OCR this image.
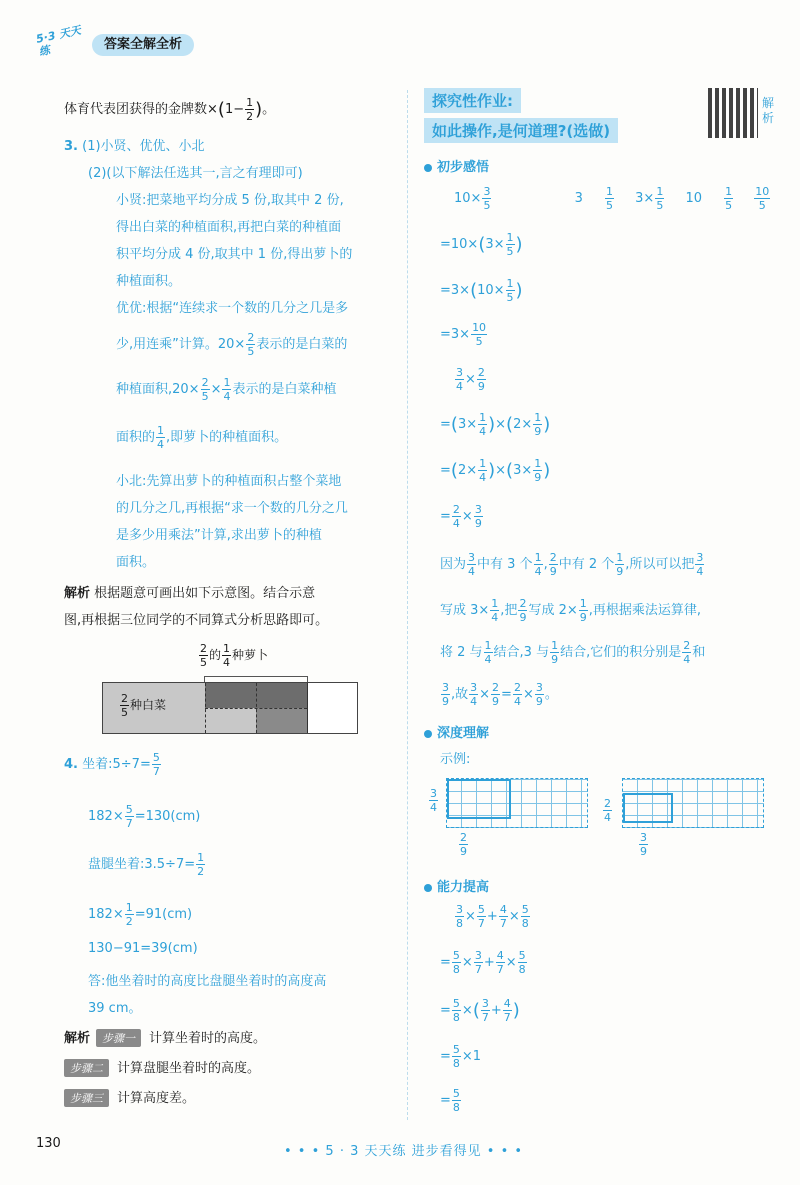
5·3 天天练	答案全解全析
体育代表团获得的金牌数$\times(1- \frac{1}{2}$ )。
3. (1)小贤、优优、小北
(2)(以下解法任选其一,言之有理即可)
小贤:把菜地平均分成 5 份,取其中 2 份,
得出白菜的种植面积,再把白菜的种植面
积平均分成 4 份,取其中 1 份,得出萝卜的
种植面积。
优优:根据“连续求一个数的几分之几是多
少,用连乘”计算。$20\times \frac{2}{5}$ 表示的是白菜的
种植面积$,20\times \frac{2}{5} \times \frac{1}{4}$ 表示的是白菜种植
面积的 $\frac{1}{4}$ ,即萝卜的种植面积。
小北:先算出萝卜的种植面积占整个菜地
的几分之几,再根据“求一个数的几分之几
是多少用乘法”计算,求出萝卜的种植
面积。
解析 根据题意可画出如下示意图。结合示意
图,再根据三位同学的不同算式分析思路即可。
$\frac{2}{5}$ 的 $\frac{1}{4}$ 种萝卜
$\frac{2}{5}$ 种白菜
4. 坐着:5÷7= $\frac{5}{7}$
$182\times \frac{5}{7} =130(cm)$
盘腿坐着:3.5÷7= $\frac{1}{2}$
$182\times \frac{1}{2} =91(cm)$
130−91=39(cm)
答:他坐着时的高度比盘腿坐着时的高度高
39 cm。
解析 步骤一 计算坐着时的高度。
步骤二 计算盘腿坐着时的高度。
步骤三 计算高度差。
探究性作业:
如此操作,是何道理?(选做)
解析
初步感悟
$10\times \frac{3}{5}$	$3 \frac{1}{5} 3\times \frac{1}{5} 10 \frac{1}{5}$
$\frac{10}{5}$
$=10\times(3\times \frac{1}{5}$ )
$=3\times(10\times \frac{1}{5}$ )
$=3\times \frac{10}{5}$
$\frac{3}{4} \times \frac{2}{9}$
$=(3\times \frac{1}{4} )\times(2\times \frac{1}{9}$ )
$=(2\times \frac{1}{4} )\times(3\times \frac{1}{9}$ )
= $\frac{2}{4} \times \frac{3}{9}$
因为 $\frac{3}{4}$ 中有 3 个 $\frac{1}{4}$ , $\frac{2}{9}$ 中有 2 个 $\frac{1}{9}$ ,所以可以把 $\frac{3}{4}$
写成 $3\times \frac{1}{4}$ ,把 $\frac{2}{9}$ 写成 $2\times \frac{1}{9}$ ,再根据乘法运算律,
将 2 与 $\frac{1}{4}$ 结合,3 与 $\frac{1}{9}$ 结合,它们的积分别是 $\frac{2}{4}$ 和
$\frac{3}{9}$ ,故 $\frac{3}{4} \times \frac{2}{9} = \frac{2}{4} \times \frac{3}{9}$ 。
深度理解
示例:
$\frac{3}{4}$
$\frac{2}{9}$
$\frac{2}{4}$
$\frac{3}{9}$
能力提高
$\frac{3}{8} \times \frac{5}{7} + \frac{4}{7} \times \frac{5}{8}$
= $\frac{5}{8} \times \frac{3}{7} + \frac{4}{7} \times \frac{5}{8}$
= $\frac{5}{8}$ ×( $\frac{3}{7} + \frac{4}{7}$ )
= $\frac{5}{8} \times 1$
= $\frac{5}{8}$
130
• • • 5 · 3 天天练 进步看得见 • • •
